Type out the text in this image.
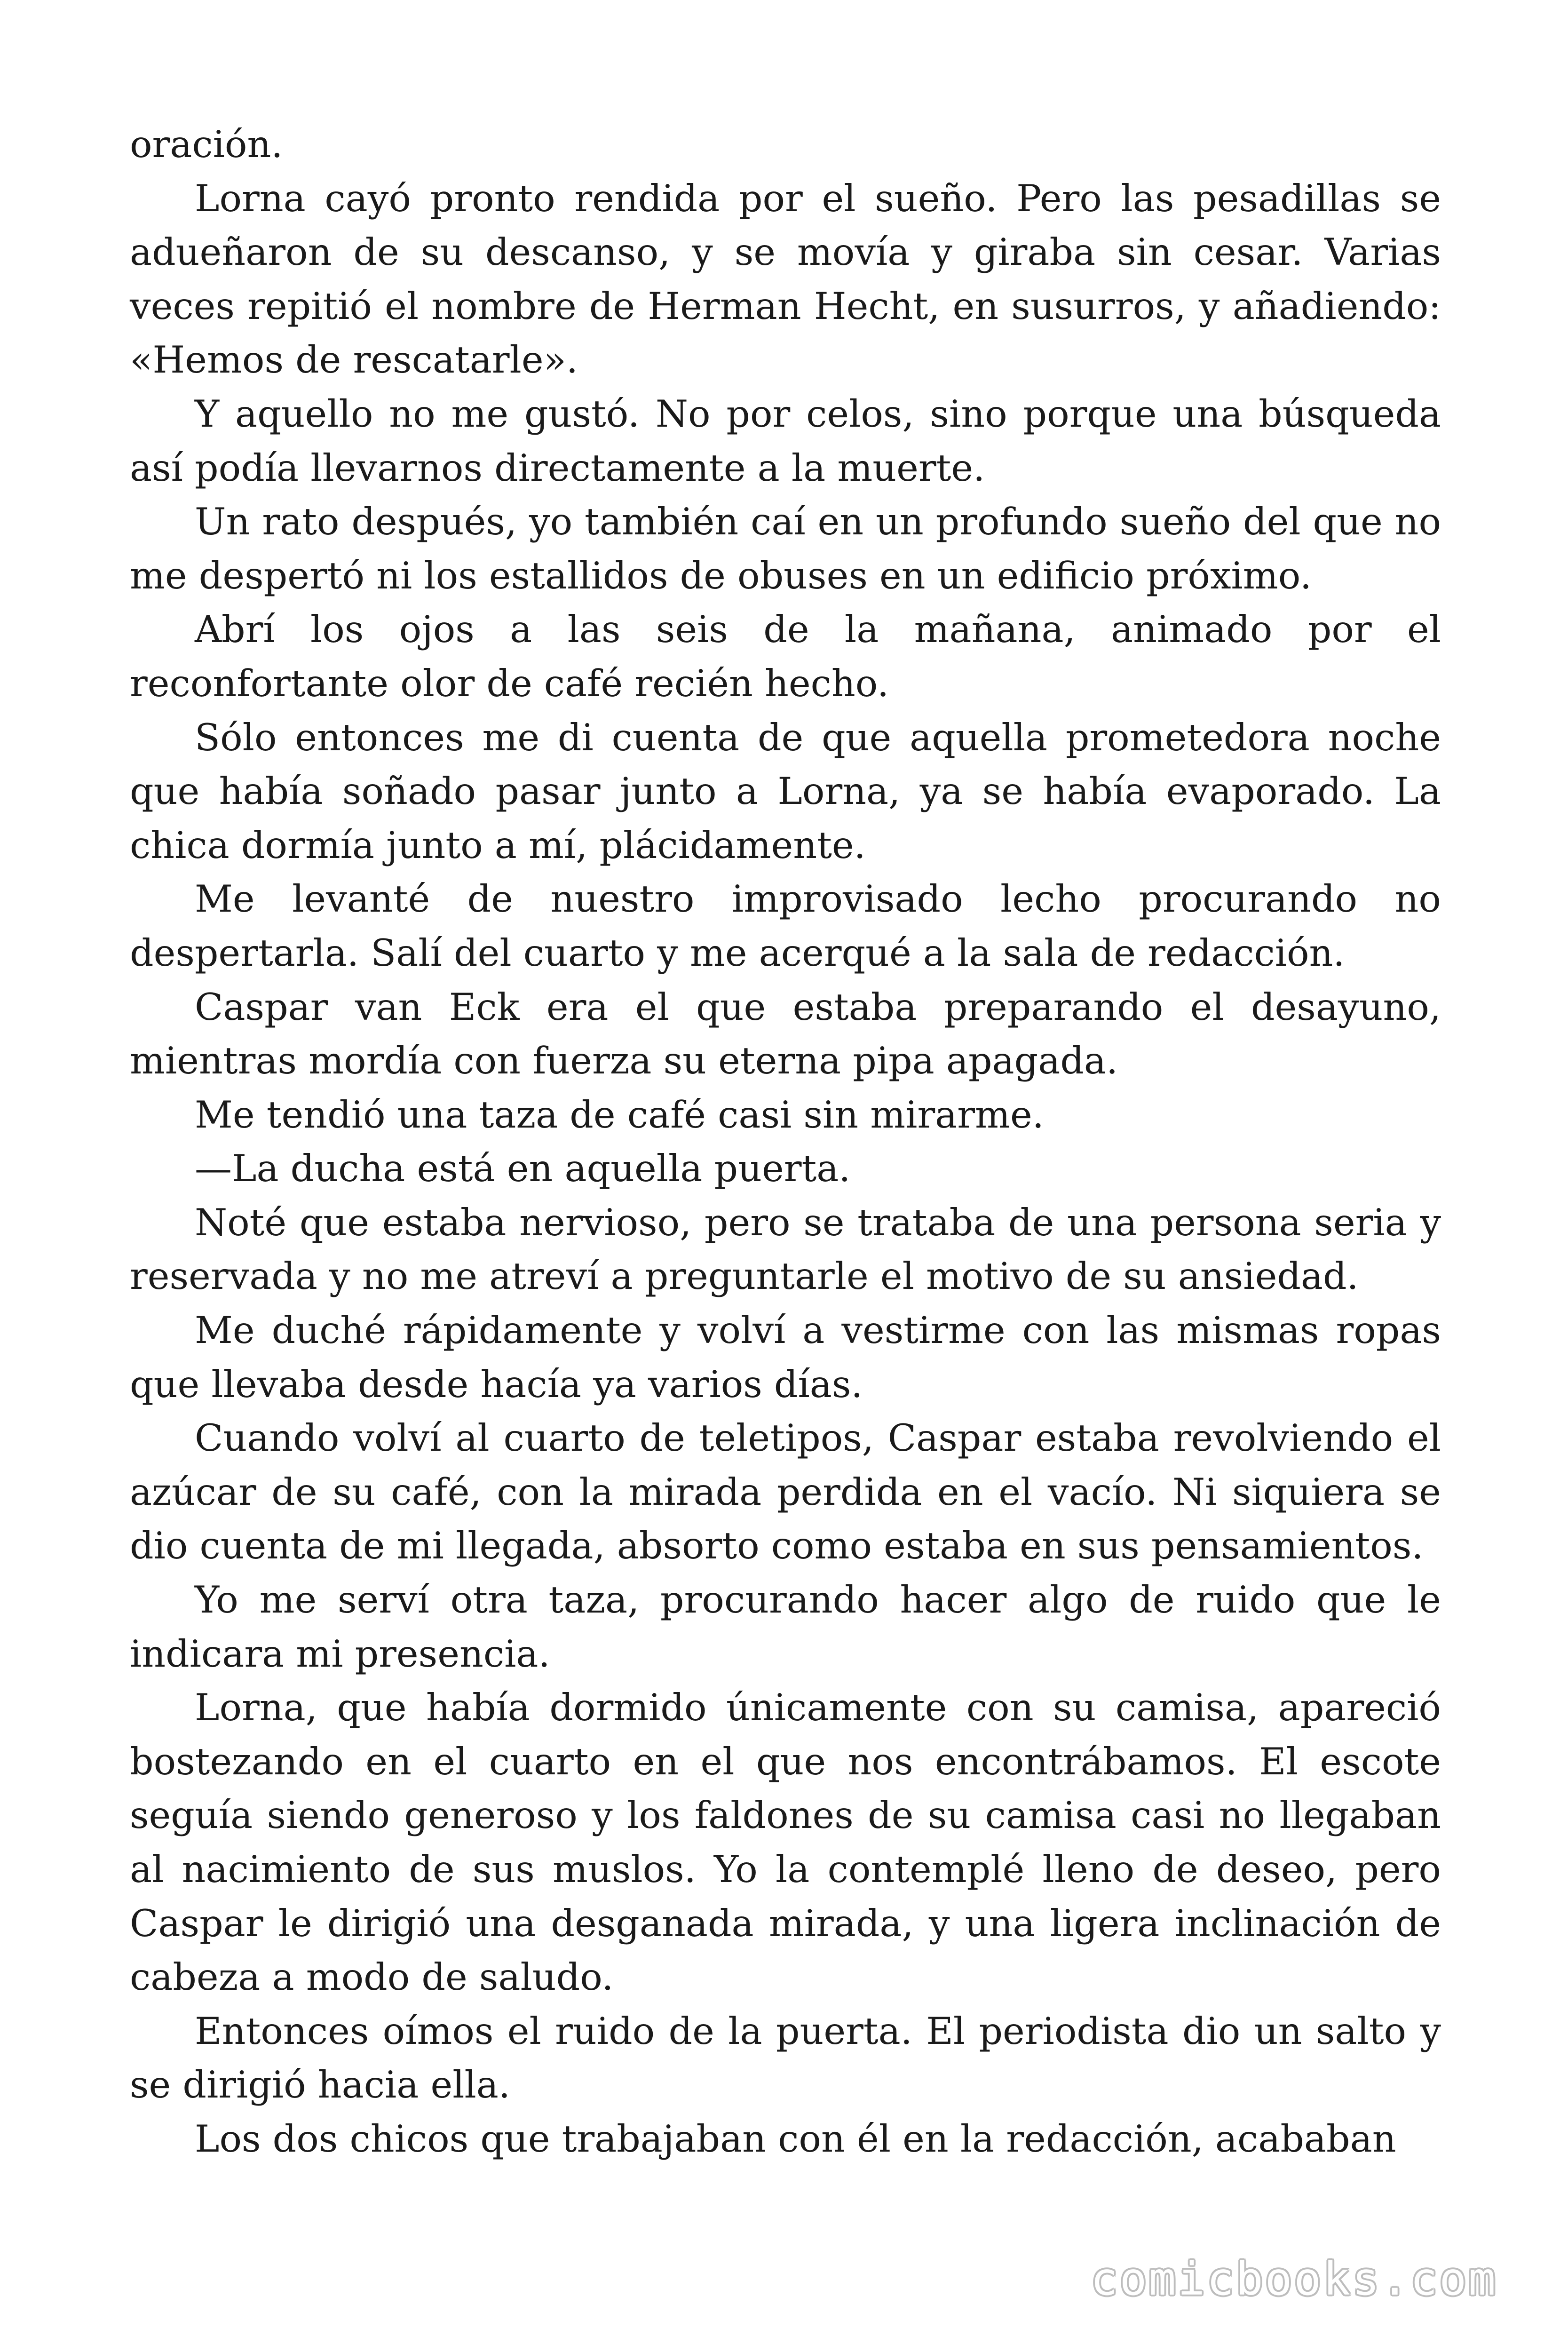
oración.

Lorna cayó pronto rendida por el sueño. Pero las pesadillas se adueñaron de su descanso, y se movía y giraba sin cesar. Varias veces repitió el nombre de Herman Hecht, en susurros, y añadiendo: «Hemos de rescatarle».

Y aquello no me gustó. No por celos, sino porque una búsqueda así podía llevarnos directamente a la muerte.

Un rato después, yo también caí en un profundo sueño del que no me despertó ni los estallidos de obuses en un edificio próximo.

Abrí los ojos a las seis de la mañana, animado por el reconfortante olor de café recién hecho.

Sólo entonces me di cuenta de que aquella prometedora noche que había soñado pasar junto a Lorna, ya se había evaporado. La chica dormía junto a mí, plácidamente.

Me levanté de nuestro improvisado lecho procurando no despertarla. Salí del cuarto y me acerqué a la sala de redacción.

Caspar van Eck era el que estaba preparando el desayuno, mientras mordía con fuerza su eterna pipa apagada.

Me tendió una taza de café casi sin mirarme.

—La ducha está en aquella puerta.

Noté que estaba nervioso, pero se trataba de una persona seria y reservada y no me atreví a preguntarle el motivo de su ansiedad.

Me duché rápidamente y volví a vestirme con las mismas ropas que llevaba desde hacía ya varios días.

Cuando volví al cuarto de teletipos, Caspar estaba revolviendo el azúcar de su café, con la mirada perdida en el vacío. Ni siquiera se dio cuenta de mi llegada, absorto como estaba en sus pensamientos.

Yo me serví otra taza, procurando hacer algo de ruido que le indicara mi presencia.

Lorna, que había dormido únicamente con su camisa, apareció bostezando en el cuarto en el que nos encontrábamos. El escote seguía siendo generoso y los faldones de su camisa casi no llegaban al nacimiento de sus muslos. Yo la contemplé lleno de deseo, pero Caspar le dirigió una desganada mirada, y una ligera inclinación de cabeza a modo de saludo.

Entonces oímos el ruido de la puerta. El periodista dio un salto y se dirigió hacia ella.

Los dos chicos que trabajaban con él en la redacción, acababan

comicbooks.com
